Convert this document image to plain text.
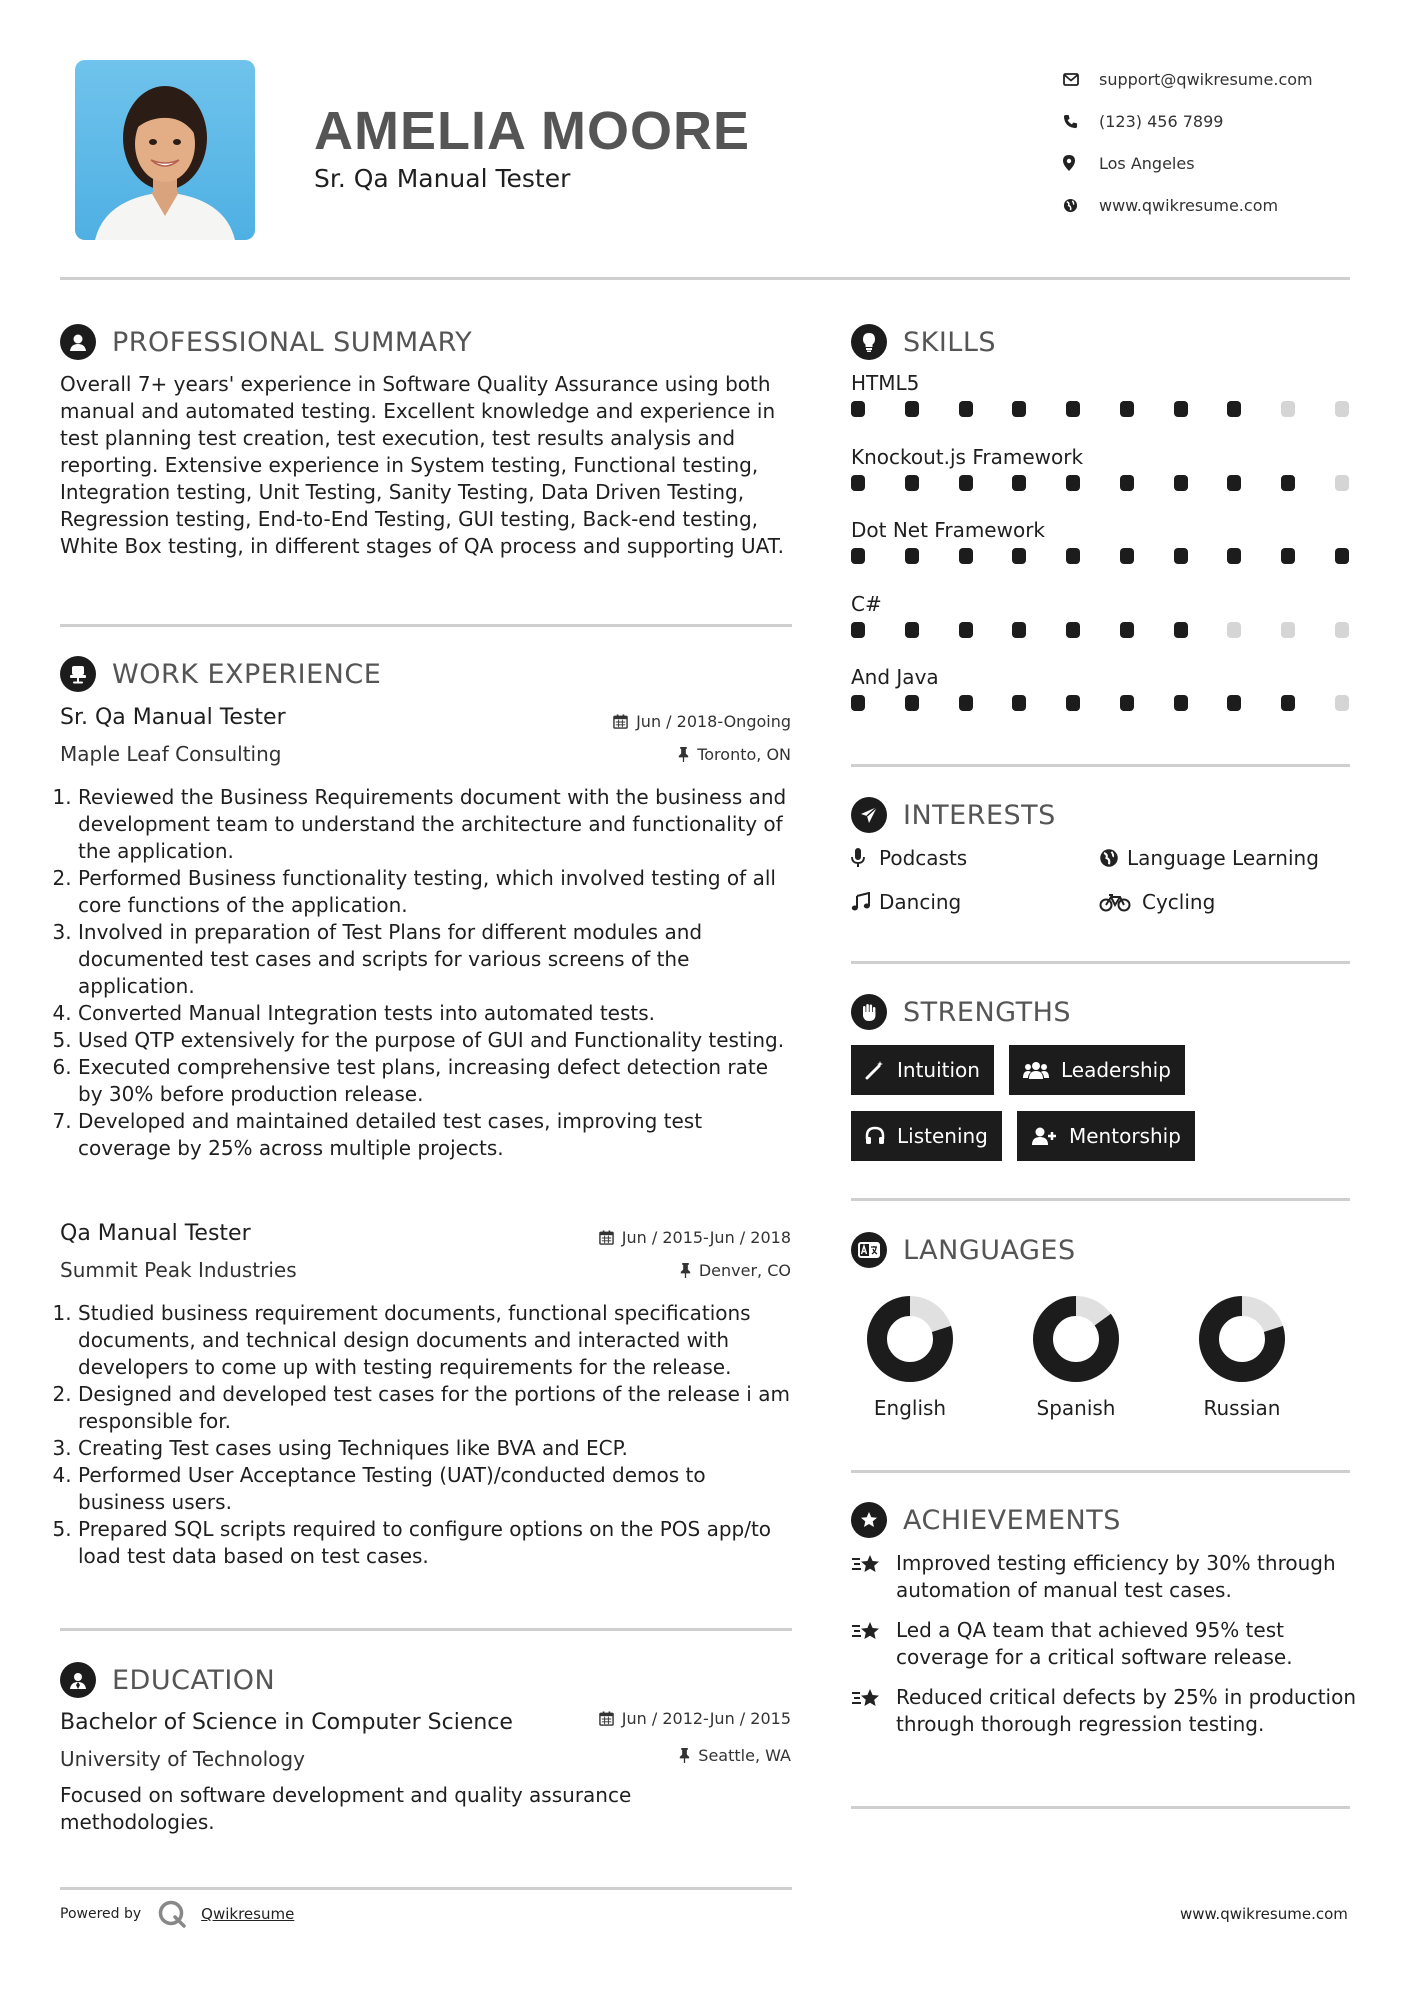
AMELIA MOORE
Sr. Qa Manual Tester
support@qwikresume.com
(123) 456 7899
Los Angeles
www.qwikresume.com
PROFESSIONAL SUMMARY
Overall 7+ years' experience in Software Quality Assurance using both manual and automated testing. Excellent knowledge and experience in test planning test creation, test execution, test results analysis and reporting. Extensive experience in System testing, Functional testing, Integration testing, Unit Testing, Sanity Testing, Data Driven Testing, Regression testing, End-to-End Testing, GUI testing, Back-end testing, White Box testing, in different stages of QA process and supporting UAT.
WORK EXPERIENCE
Sr. Qa Manual Tester	Jun / 2018-Ongoing
Maple Leaf Consulting	Toronto, ON
1. Reviewed the Business Requirements document with the business and development team to understand the architecture and functionality of the application.
2. Performed Business functionality testing, which involved testing of all core functions of the application.
3. Involved in preparation of Test Plans for different modules and documented test cases and scripts for various screens of the application.
4. Converted Manual Integration tests into automated tests.
5. Used QTP extensively for the purpose of GUI and Functionality testing.
6. Executed comprehensive test plans, increasing defect detection rate by 30% before production release.
7. Developed and maintained detailed test cases, improving test coverage by 25% across multiple projects.
Qa Manual Tester	Jun / 2015-Jun / 2018
Summit Peak Industries	Denver, CO
1. Studied business requirement documents, functional specifications documents, and technical design documents and interacted with developers to come up with testing requirements for the release.
2. Designed and developed test cases for the portions of the release i am responsible for.
3. Creating Test cases using Techniques like BVA and ECP.
4. Performed User Acceptance Testing (UAT)/conducted demos to business users.
5. Prepared SQL scripts required to configure options on the POS app/to load test data based on test cases.
EDUCATION
Bachelor of Science in Computer Science	Jun / 2012-Jun / 2015
University of Technology	Seattle, WA
Focused on software development and quality assurance methodologies.
SKILLS
HTML5
Knockout.js Framework
Dot Net Framework
C#
And Java
INTERESTS
Podcasts	Language Learning
Dancing	Cycling
STRENGTHS
Intuition	Leadership
Listening	Mentorship
LANGUAGES
English	Spanish	Russian
ACHIEVEMENTS
Improved testing efficiency by 30% through automation of manual test cases.
Led a QA team that achieved 95% test coverage for a critical software release.
Reduced critical defects by 25% in production through thorough regression testing.
Powered by	Qwikresume	www.qwikresume.com
